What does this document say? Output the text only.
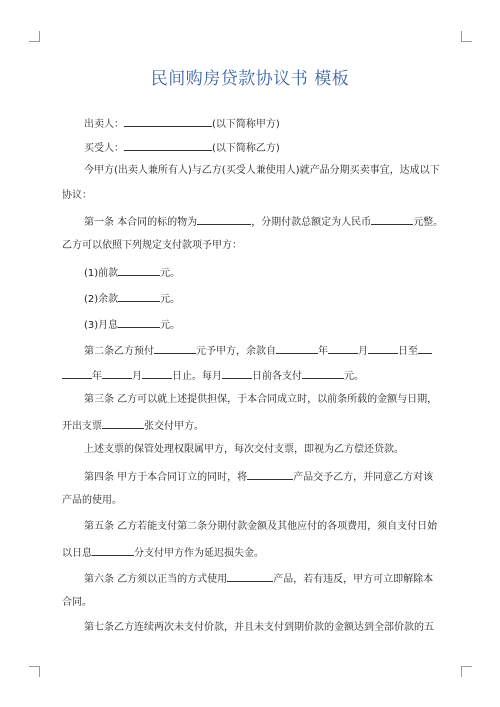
民间购房贷款协议书 模板
出卖人：	(以下简称甲方)
买受人：	(以下简称乙方)
今甲方(出卖人兼所有人)与乙方(买受人兼使用人)就产品分期买卖事宜，达成以下
协议：
第一条 本合同的标的物为	，分期付款总额定为人民币	元整。
乙方可以依照下列规定支付款项予甲方：
(1)前款	元。
(2)余款	元。
(3)月息	元。
第二条乙方预付	元予甲方，余款自	年	月	日至
年	月	日止。每月	日前各支付	元。
第三条 乙方可以就上述提供担保，于本合同成立时，以前条所载的金额与日期，
开出支票	张交付甲方。
上述支票的保管处理权限属甲方，每次交付支票，即视为乙方偿还贷款。
第四条 甲方于本合同订立的同时，将	产品交予乙方，并同意乙方对该
产品的使用。
第五条 乙方若能支付第二条分期付款金额及其他应付的各项费用，须自支付日始
以日息	分支付甲方作为延迟损失金。
第六条 乙方须以正当的方式使用	产品，若有违反，甲方可立即解除本
合同。
第七条乙方连续两次未支付价款，并且未支付到期价款的金额达到全部价款的五
